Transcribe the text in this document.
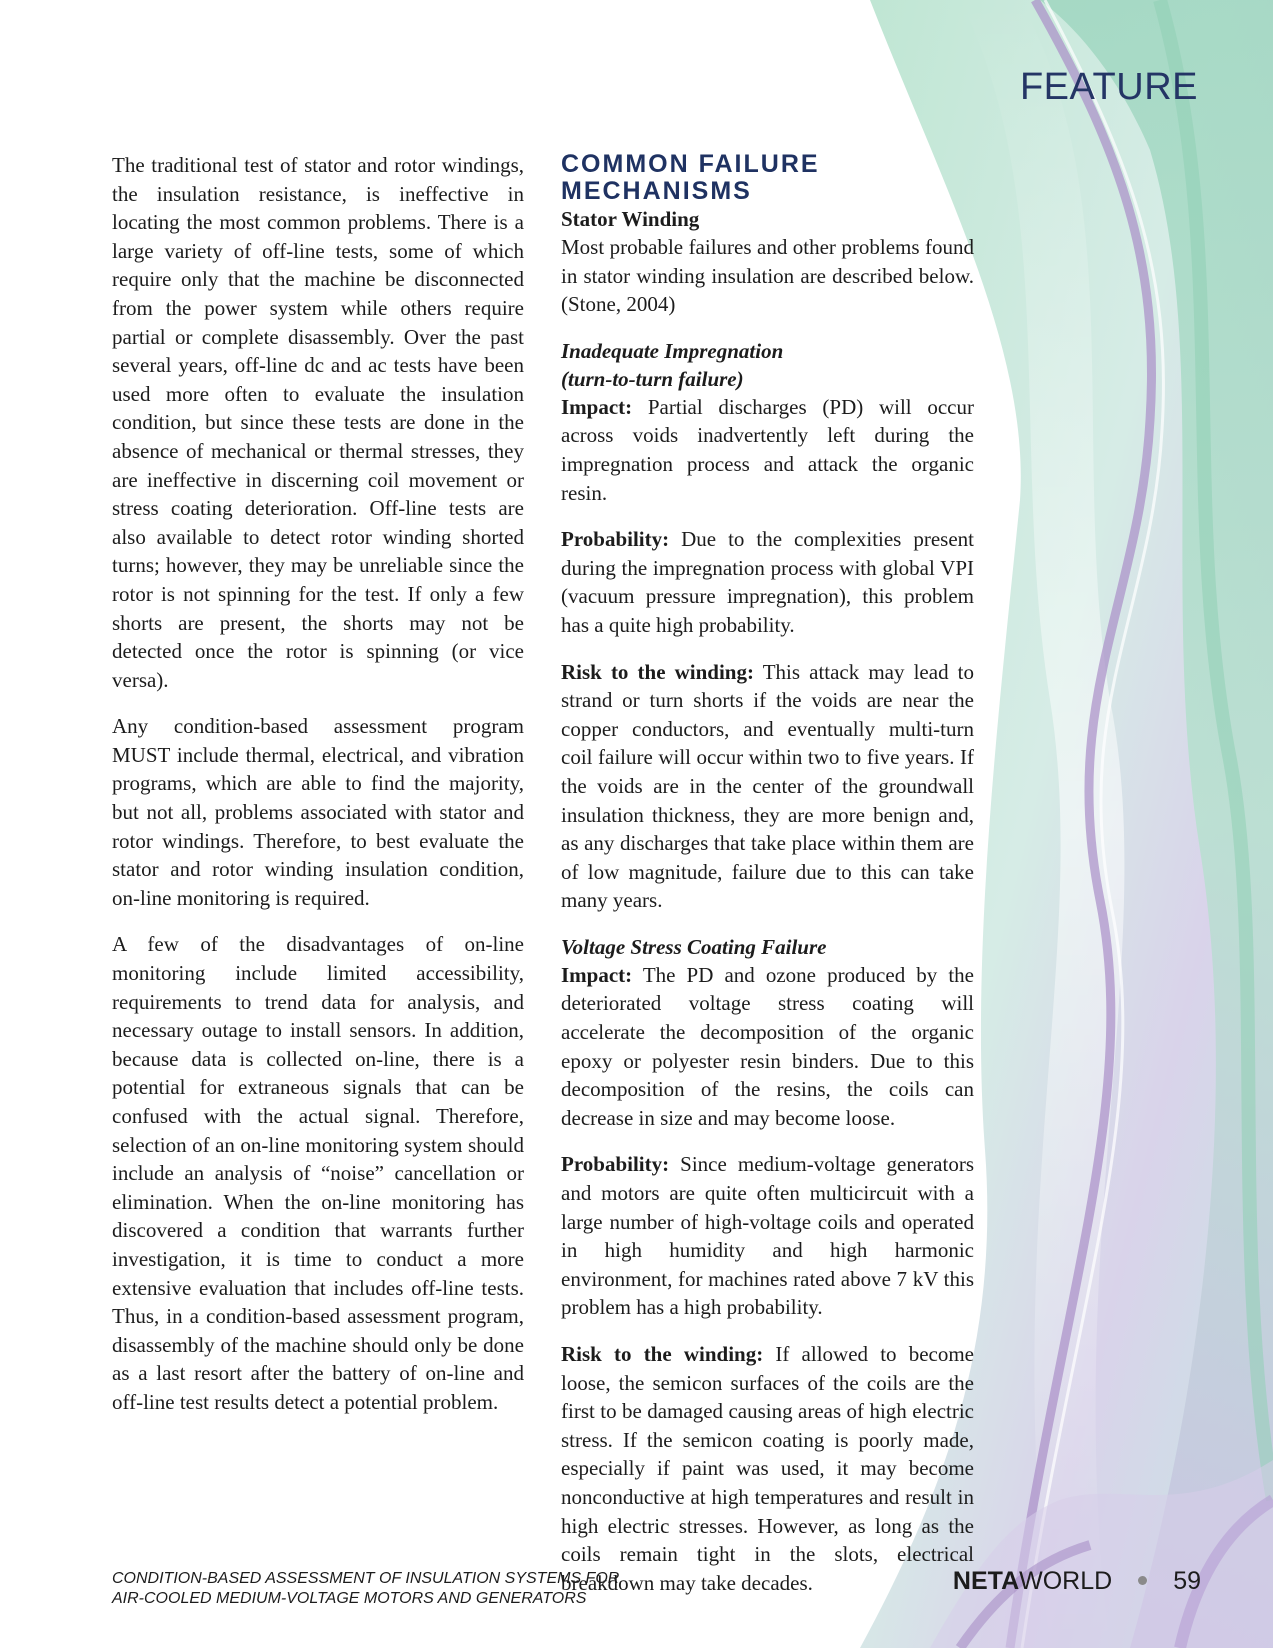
FEATURE

The traditional test of stator and rotor windings, the insulation resistance, is ineffective in locating the most common problems. There is a large variety of off-line tests, some of which require only that the machine be disconnected from the power system while others require partial or complete disassembly. Over the past several years, off-line dc and ac tests have been used more often to evaluate the insulation condition, but since these tests are done in the absence of mechanical or thermal stresses, they are ineffective in discerning coil movement or stress coating deterioration. Off-line tests are also available to detect rotor winding shorted turns; however, they may be unreliable since the rotor is not spinning for the test. If only a few shorts are present, the shorts may not be detected once the rotor is spinning (or vice versa).

Any condition-based assessment program MUST include thermal, electrical, and vibration programs, which are able to find the majority, but not all, problems associated with stator and rotor windings. Therefore, to best evaluate the stator and rotor winding insulation condition, on-line monitoring is required.

A few of the disadvantages of on-line monitoring include limited accessibility, requirements to trend data for analysis, and necessary outage to install sensors. In addition, because data is collected on-line, there is a potential for extraneous signals that can be confused with the actual signal. Therefore, selection of an on-line monitoring system should include an analysis of “noise” cancellation or elimination. When the on-line monitoring has discovered a condition that warrants further investigation, it is time to conduct a more extensive evaluation that includes off-line tests. Thus, in a condition-based assessment program, disassembly of the machine should only be done as a last resort after the battery of on-line and off-line test results detect a potential problem.

COMMON FAILURE MECHANISMS
Stator Winding

Most probable failures and other problems found in stator winding insulation are described below. (Stone, 2004)

Inadequate Impregnation (turn-to-turn failure)

Impact: Partial discharges (PD) will occur across voids inadvertently left during the impregnation process and attack the organic resin.

Probability: Due to the complexities present during the impregnation process with global VPI (vacuum pressure impregnation), this problem has a quite high probability.

Risk to the winding: This attack may lead to strand or turn shorts if the voids are near the copper conductors, and eventually multi-turn coil failure will occur within two to five years. If the voids are in the center of the groundwall insulation thickness, they are more benign and, as any discharges that take place within them are of low magnitude, failure due to this can take many years.

Voltage Stress Coating Failure

Impact: The PD and ozone produced by the deteriorated voltage stress coating will accelerate the decomposition of the organic epoxy or polyester resin binders. Due to this decomposition of the resins, the coils can decrease in size and may become loose.

Probability: Since medium-voltage generators and motors are quite often multicircuit with a large number of high-voltage coils and operated in high humidity and high harmonic environment, for machines rated above 7 kV this problem has a high probability.

Risk to the winding: If allowed to become loose, the semicon surfaces of the coils are the first to be damaged causing areas of high electric stress. If the semicon coating is poorly made, especially if paint was used, it may become nonconductive at high temperatures and result in high electric stresses. However, as long as the coils remain tight in the slots, electrical breakdown may take decades.

CONDITION-BASED ASSESSMENT OF INSULATION SYSTEMS FOR
AIR-COOLED MEDIUM-VOLTAGE MOTORS AND GENERATORS
NETAWORLD 59
